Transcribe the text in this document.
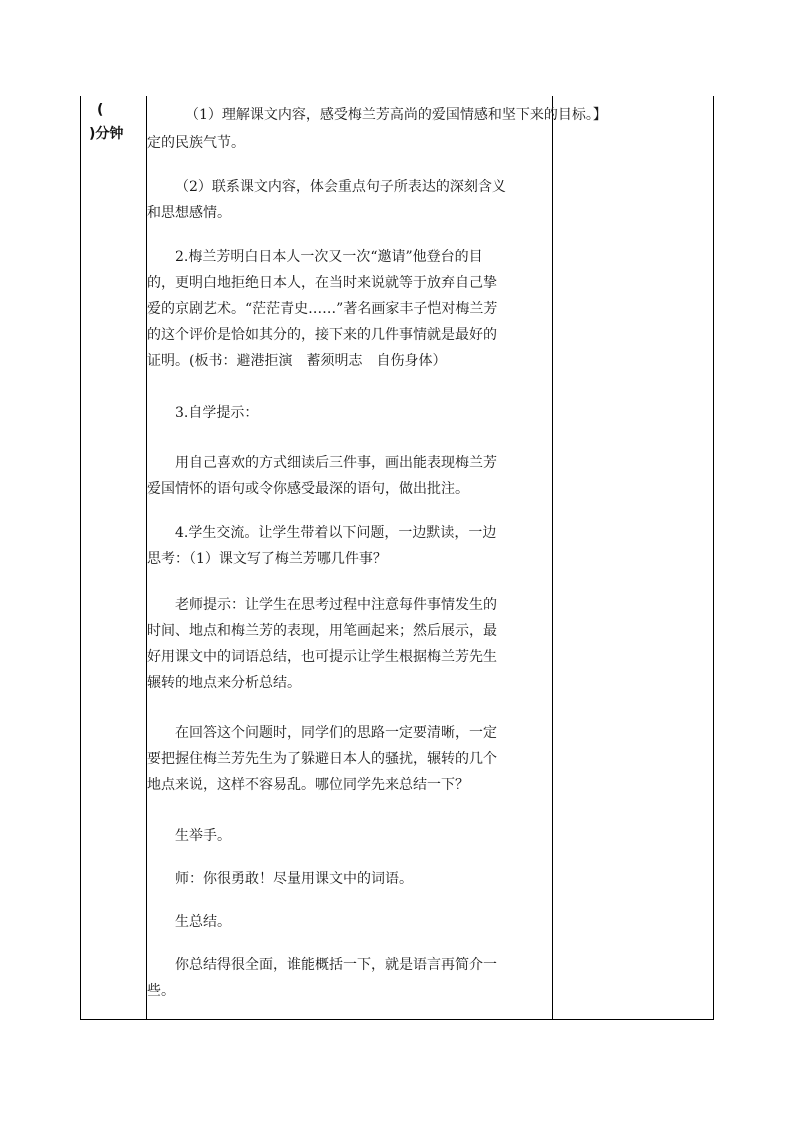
(
)分钟
（1）理解课文内容，感受梅兰芳高尚的爱国情感和坚下来的目标。】

定的民族气节。

（2）联系课文内容，体会重点句子所表达的深刻含义

和思想感情。

2.梅兰芳明白日本人一次又一次“邀请”他登台的目

的，更明白地拒绝日本人，在当时来说就等于放弃自己挚

爱的京剧艺术。“茫茫青史……”著名画家丰子恺对梅兰芳

的这个评价是恰如其分的，接下来的几件事情就是最好的

证明。(板书：避港拒演　蓄须明志　自伤身体）

3.自学提示：

用自己喜欢的方式细读后三件事，画出能表现梅兰芳

爱国情怀的语句或令你感受最深的语句，做出批注。

4.学生交流。让学生带着以下问题，一边默读，一边

思考：（1）课文写了梅兰芳哪几件事？

老师提示：让学生在思考过程中注意每件事情发生的

时间、地点和梅兰芳的表现，用笔画起来；然后展示，最

好用课文中的词语总结，也可提示让学生根据梅兰芳先生

辗转的地点来分析总结。

在回答这个问题时，同学们的思路一定要清晰，一定

要把握住梅兰芳先生为了躲避日本人的骚扰，辗转的几个

地点来说，这样不容易乱。哪位同学先来总结一下？

生举手。

师：你很勇敢！尽量用课文中的词语。

生总结。

你总结得很全面，谁能概括一下，就是语言再简介一

些。
